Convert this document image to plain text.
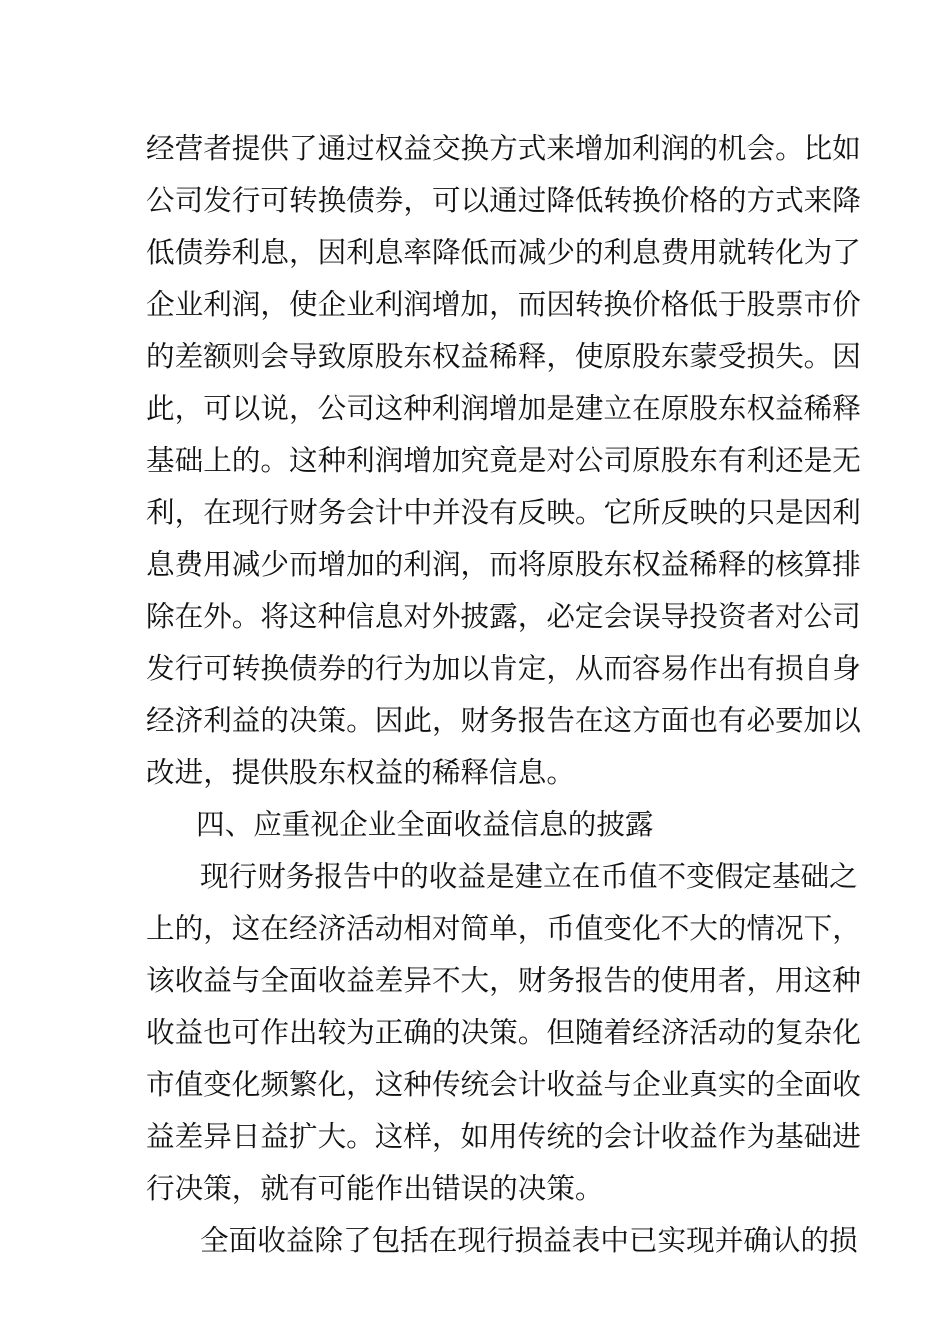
经营者提供了通过权益交换方式来增加利润的机会。比如
公司发行可转换债券，可以通过降低转换价格的方式来降
低债券利息，因利息率降低而减少的利息费用就转化为了
企业利润，使企业利润增加，而因转换价格低于股票市价
的差额则会导致原股东权益稀释，使原股东蒙受损失。因
此，可以说，公司这种利润增加是建立在原股东权益稀释
基础上的。这种利润增加究竟是对公司原股东有利还是无
利，在现行财务会计中并没有反映。它所反映的只是因利
息费用减少而增加的利润，而将原股东权益稀释的核算排
除在外。将这种信息对外披露，必定会误导投资者对公司
发行可转换债券的行为加以肯定，从而容易作出有损自身
经济利益的决策。因此，财务报告在这方面也有必要加以
改进，提供股东权益的稀释信息。
四、应重视企业全面收益信息的披露
现行财务报告中的收益是建立在币值不变假定基础之
上的，这在经济活动相对简单，币值变化不大的情况下，
该收益与全面收益差异不大，财务报告的使用者，用这种
收益也可作出较为正确的决策。但随着经济活动的复杂化
市值变化频繁化，这种传统会计收益与企业真实的全面收
益差异日益扩大。这样，如用传统的会计收益作为基础进
行决策，就有可能作出错误的决策。
全面收益除了包括在现行损益表中已实现并确认的损
